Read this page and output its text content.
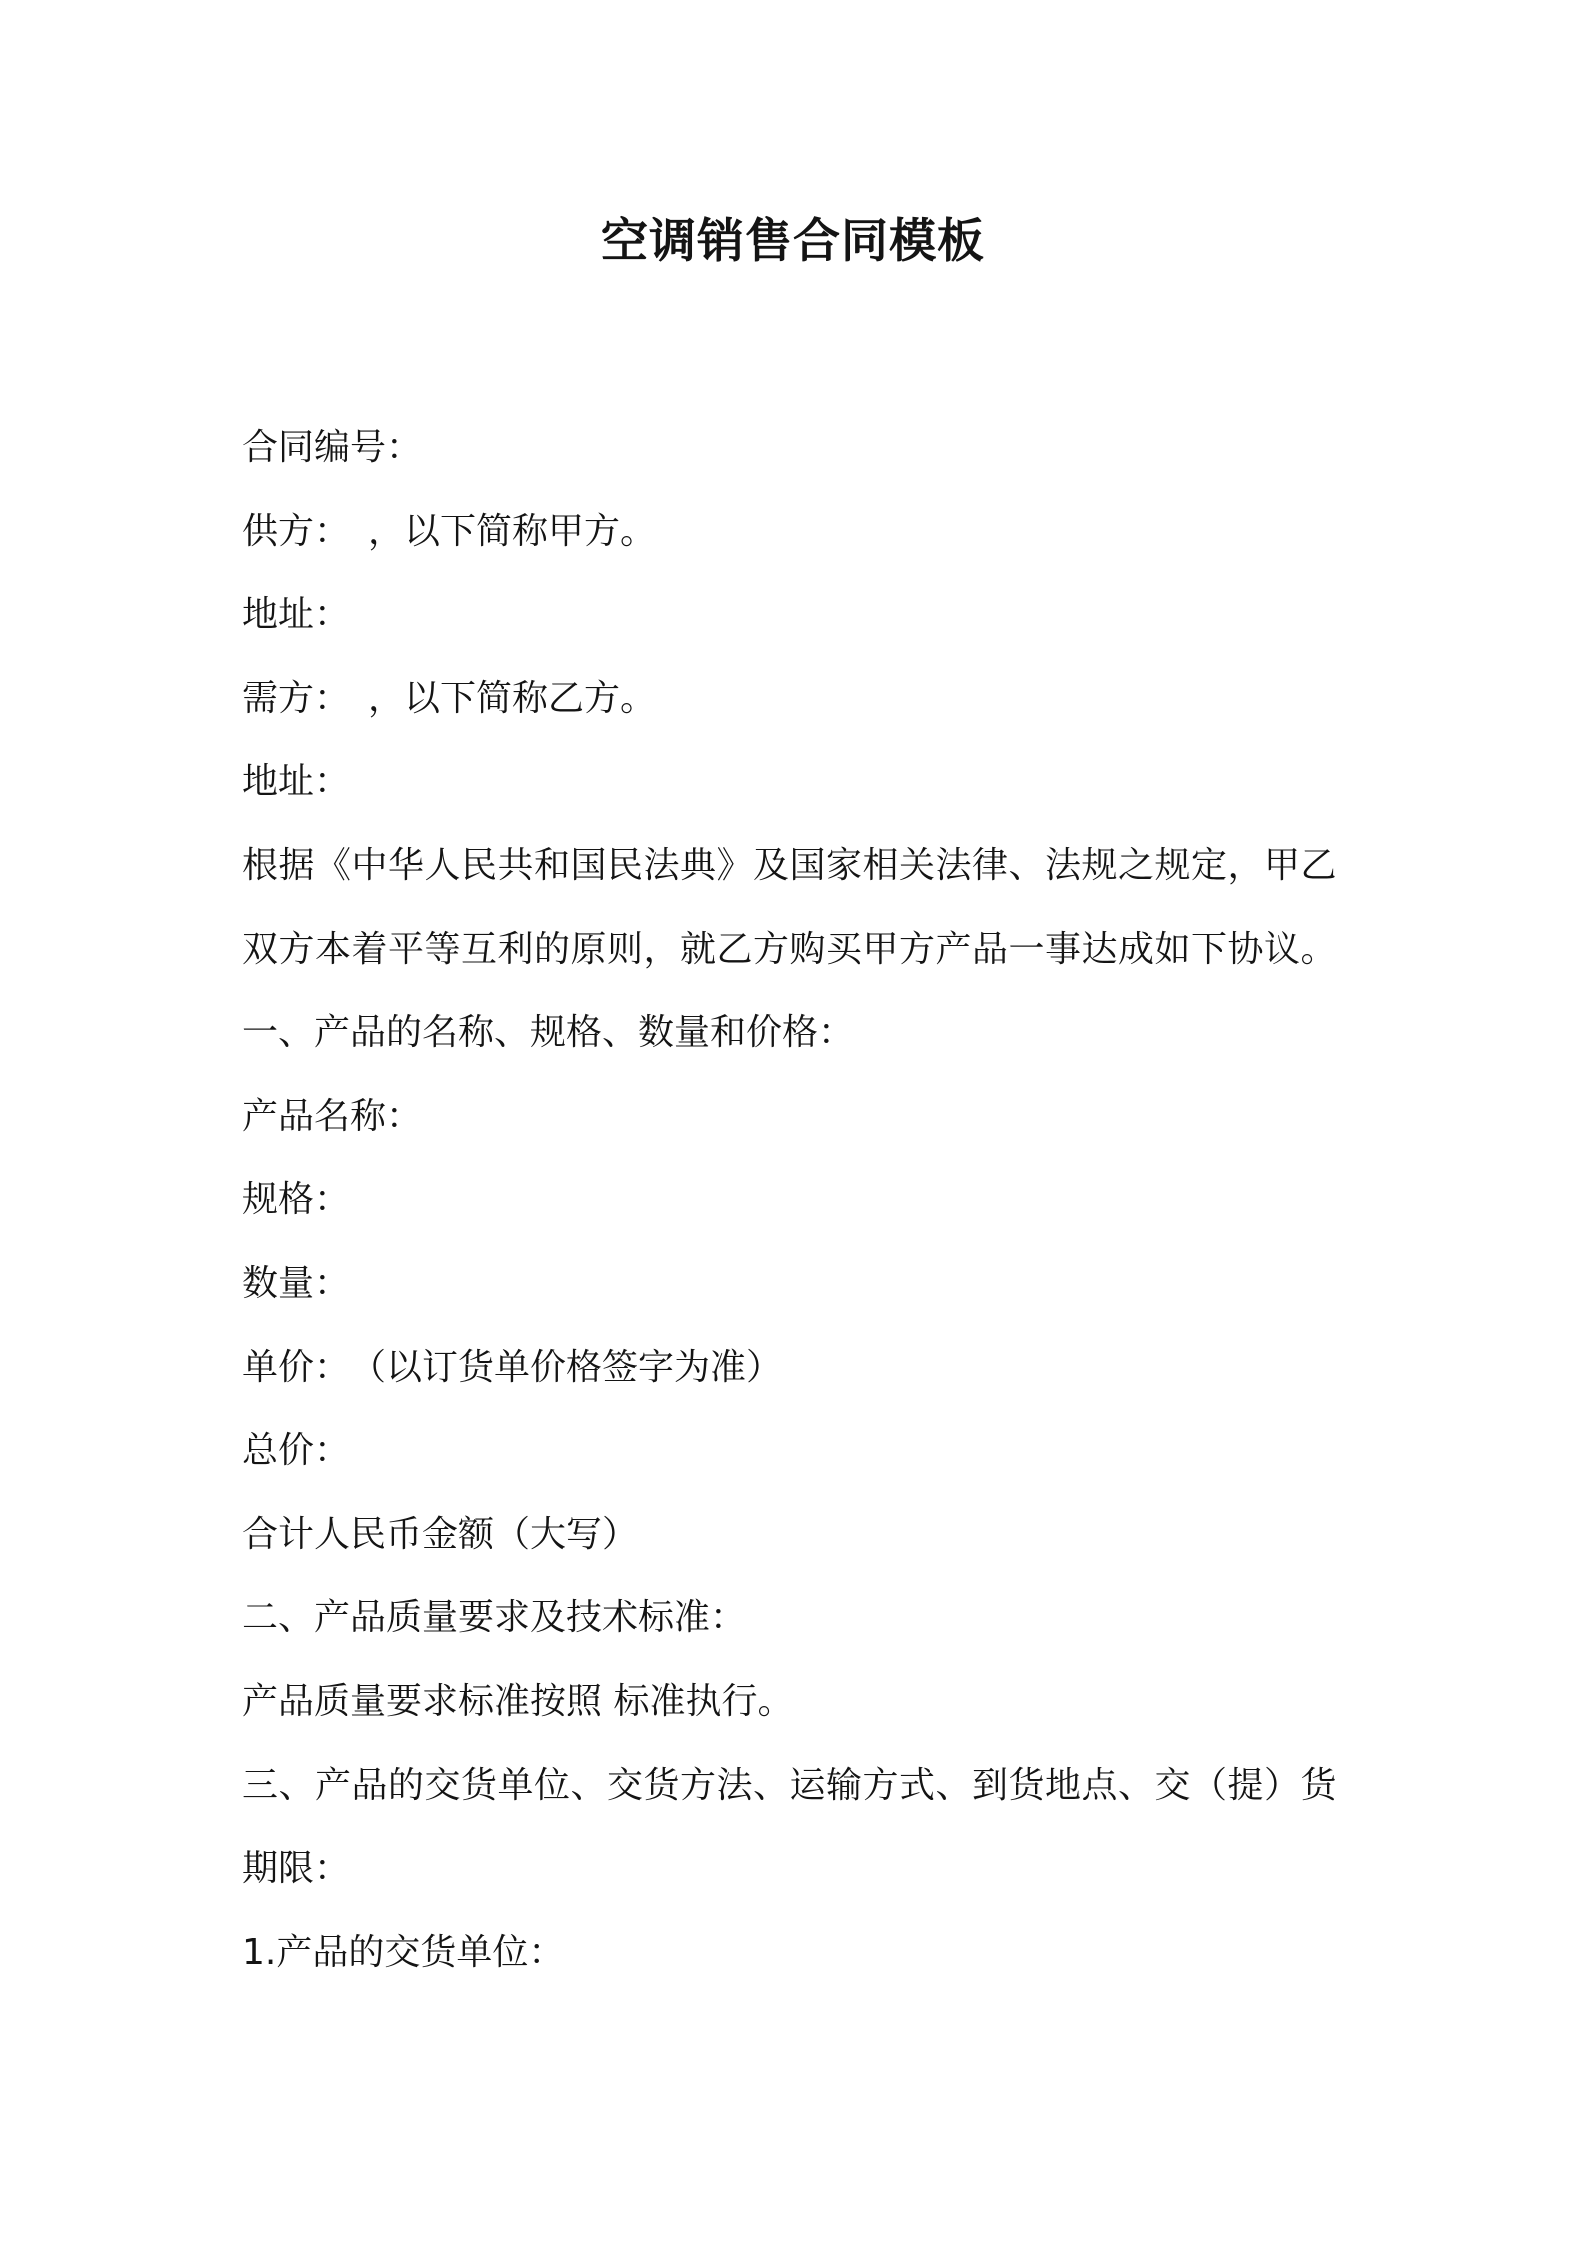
空调销售合同模板
合同编号：
供方：　，以下简称甲方。
地址：
需方：　，以下简称乙方。
地址：
根据《中华人民共和国民法典》及国家相关法律、法规之规定，甲乙
双方本着平等互利的原则，就乙方购买甲方产品一事达成如下协议。
一、产品的名称、规格、数量和价格：
产品名称：
规格：
数量：
单价：　（以订货单价格签字为准）
总价：
合计人民币金额（大写）
二、产品质量要求及技术标准：
产品质量要求标准按照 标准执行。
三、产品的交货单位、交货方法、运输方式、到货地点、交（提）货
期限：
1.产品的交货单位：
